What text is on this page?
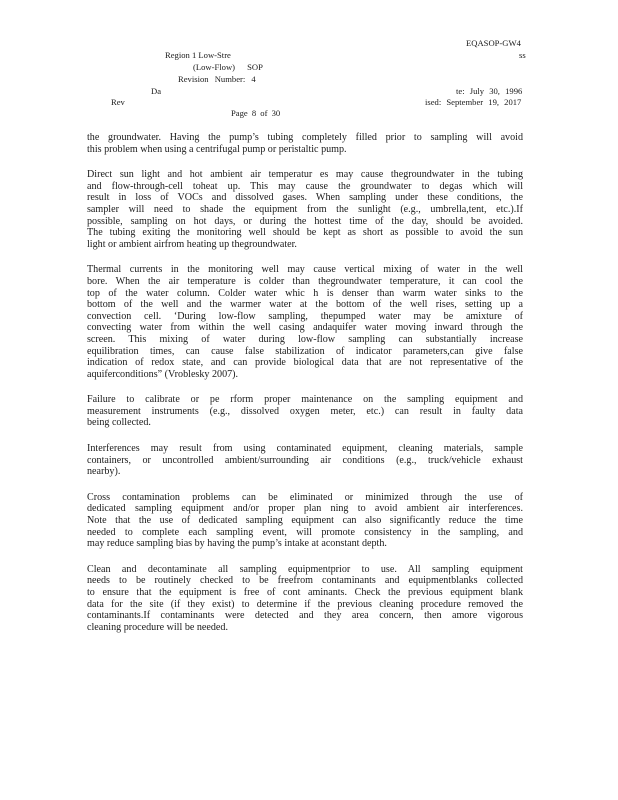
EQASOP-GW4
Region 1 Low-Stre	ss
(Low-Flow) SOP
Revision Number: 4
Da	te: July 30, 1996
Rev	ised: September 19, 2017
Page 8 of 30
the groundwater. Having the pump’s tubing completely filled prior to sampling will avoid
this problem when using a centrifugal pump or peristaltic pump.
Direct sun light and hot ambient air temperatur es may cause thegroundwater in the tubing
and flow-through-cell toheat up. This may cause the groundwater to degas which will
result in loss of VOCs and dissolved gases. When sampling under these conditions, the
sampler will need to shade the equipment from the sunlight (e.g., umbrella,tent, etc.).If
possible, sampling on hot days, or during the hottest time of the day, should be avoided.
The tubing exiting the monitoring well should be kept as short as possible to avoid the sun
light or ambient airfrom heating up thegroundwater.
Thermal currents in the monitoring well may cause vertical mixing of water in the well
bore. When the air temperature is colder than thegroundwater temperature, it can cool the
top of the water column. Colder water whic h is denser than warm water sinks to the
bottom of the well and the warmer water at the bottom of the well rises, setting up a
convection cell. ‘During low-flow sampling, thepumped water may be amixture of
convecting water from within the well casing andaquifer water moving inward through the
screen. This mixing of water during low-flow sampling can substantially increase
equilibration times, can cause false stabilization of indicator parameters,can give false
indication of redox state, and can provide biological data that are not representative of the
aquiferconditions” (Vroblesky 2007).
Failure to calibrate or pe rform proper maintenance on the sampling equipment and
measurement instruments (e.g., dissolved oxygen meter, etc.) can result in faulty data
being collected.
Interferences may result from using contaminated equipment, cleaning materials, sample
containers, or uncontrolled ambient/surrounding air conditions (e.g., truck/vehicle exhaust
nearby).
Cross contamination problems can be eliminated or minimized through the use of
dedicated sampling equipment and/or proper plan ning to avoid ambient air interferences.
Note that the use of dedicated sampling equipment can also significantly reduce the time
needed to complete each sampling event, will promote consistency in the sampling, and
may reduce sampling bias by having the pump’s intake at aconstant depth.
Clean and decontaminate all sampling equipmentprior to use. All sampling equipment
needs to be routinely checked to be freefrom contaminants and equipmentblanks collected
to ensure that the equipment is free of cont aminants. Check the previous equipment blank
data for the site (if they exist) to determine if the previous cleaning procedure removed the
contaminants.If contaminants were detected and they area concern, then amore vigorous
cleaning procedure will be needed.
